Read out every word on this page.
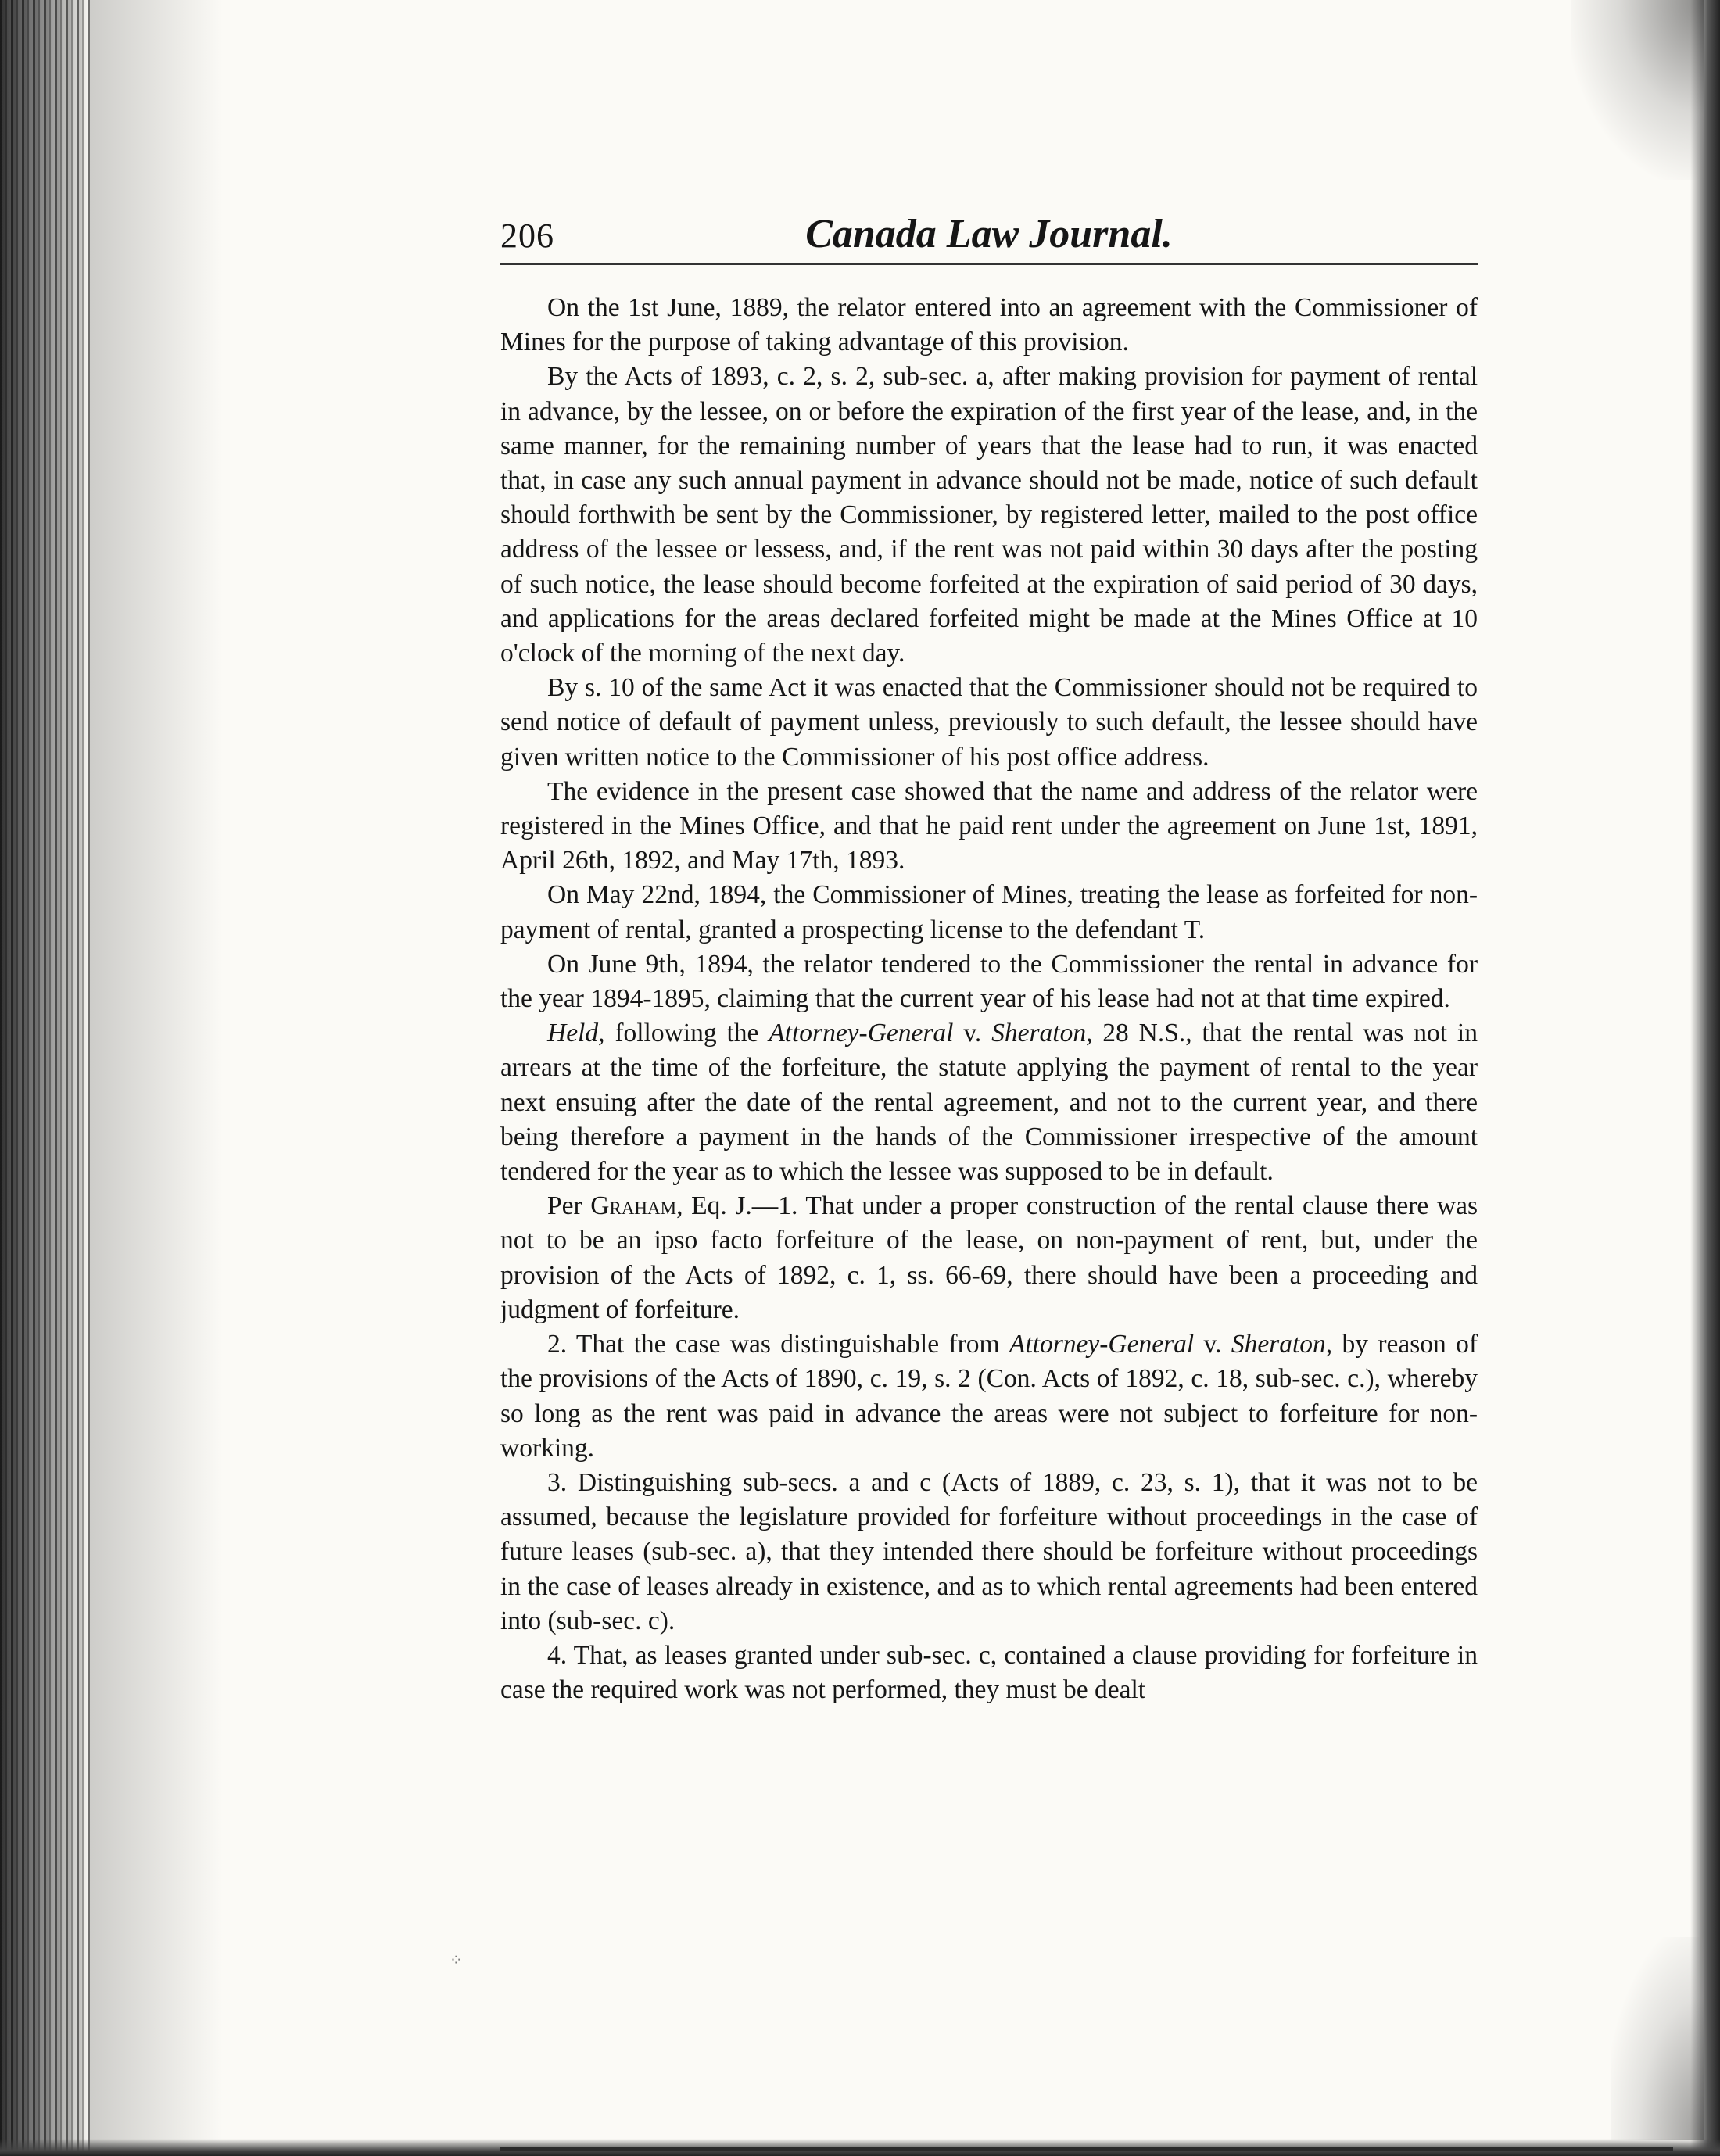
206	Canada Law Journal.

On the 1st June, 1889, the relator entered into an agreement with the Commissioner of Mines for the purpose of taking advantage of this provision.

By the Acts of 1893, c. 2, s. 2, sub-sec. a, after making provision for payment of rental in advance, by the lessee, on or before the expiration of the first year of the lease, and, in the same manner, for the remaining number of years that the lease had to run, it was enacted that, in case any such annual payment in advance should not be made, notice of such default should forthwith be sent by the Commissioner, by registered letter, mailed to the post office address of the lessee or lessess, and, if the rent was not paid within 30 days after the posting of such notice, the lease should become forfeited at the expiration of said period of 30 days, and applications for the areas declared forfeited might be made at the Mines Office at 10 o'clock of the morning of the next day.

By s. 10 of the same Act it was enacted that the Commissioner should not be required to send notice of default of payment unless, previously to such default, the lessee should have given written notice to the Commissioner of his post office address.

The evidence in the present case showed that the name and address of the relator were registered in the Mines Office, and that he paid rent under the agreement on June 1st, 1891, April 26th, 1892, and May 17th, 1893.

On May 22nd, 1894, the Commissioner of Mines, treating the lease as forfeited for non-payment of rental, granted a prospecting license to the defendant T.

On June 9th, 1894, the relator tendered to the Commissioner the rental in advance for the year 1894-1895, claiming that the current year of his lease had not at that time expired.

Held, following the Attorney-General v. Sheraton, 28 N.S., that the rental was not in arrears at the time of the forfeiture, the statute applying the payment of rental to the year next ensuing after the date of the rental agreement, and not to the current year, and there being therefore a payment in the hands of the Commissioner irrespective of the amount tendered for the year as to which the lessee was supposed to be in default.

Per Graham, Eq. J.—1. That under a proper construction of the rental clause there was not to be an ipso facto forfeiture of the lease, on non-payment of rent, but, under the provision of the Acts of 1892, c. 1, ss. 66-69, there should have been a proceeding and judgment of forfeiture.

2. That the case was distinguishable from Attorney-General v. Sheraton, by reason of the provisions of the Acts of 1890, c. 19, s. 2 (Con. Acts of 1892, c. 18, sub-sec. c.), whereby so long as the rent was paid in advance the areas were not subject to forfeiture for non-working.

3. Distinguishing sub-secs. a and c (Acts of 1889, c. 23, s. 1), that it was not to be assumed, because the legislature provided for forfeiture without proceedings in the case of future leases (sub-sec. a), that they intended there should be forfeiture without proceedings in the case of leases already in existence, and as to which rental agreements had been entered into (sub-sec. c).

4. That, as leases granted under sub-sec. c, contained a clause providing for forfeiture in case the required work was not performed, they must be dealt

⁘
